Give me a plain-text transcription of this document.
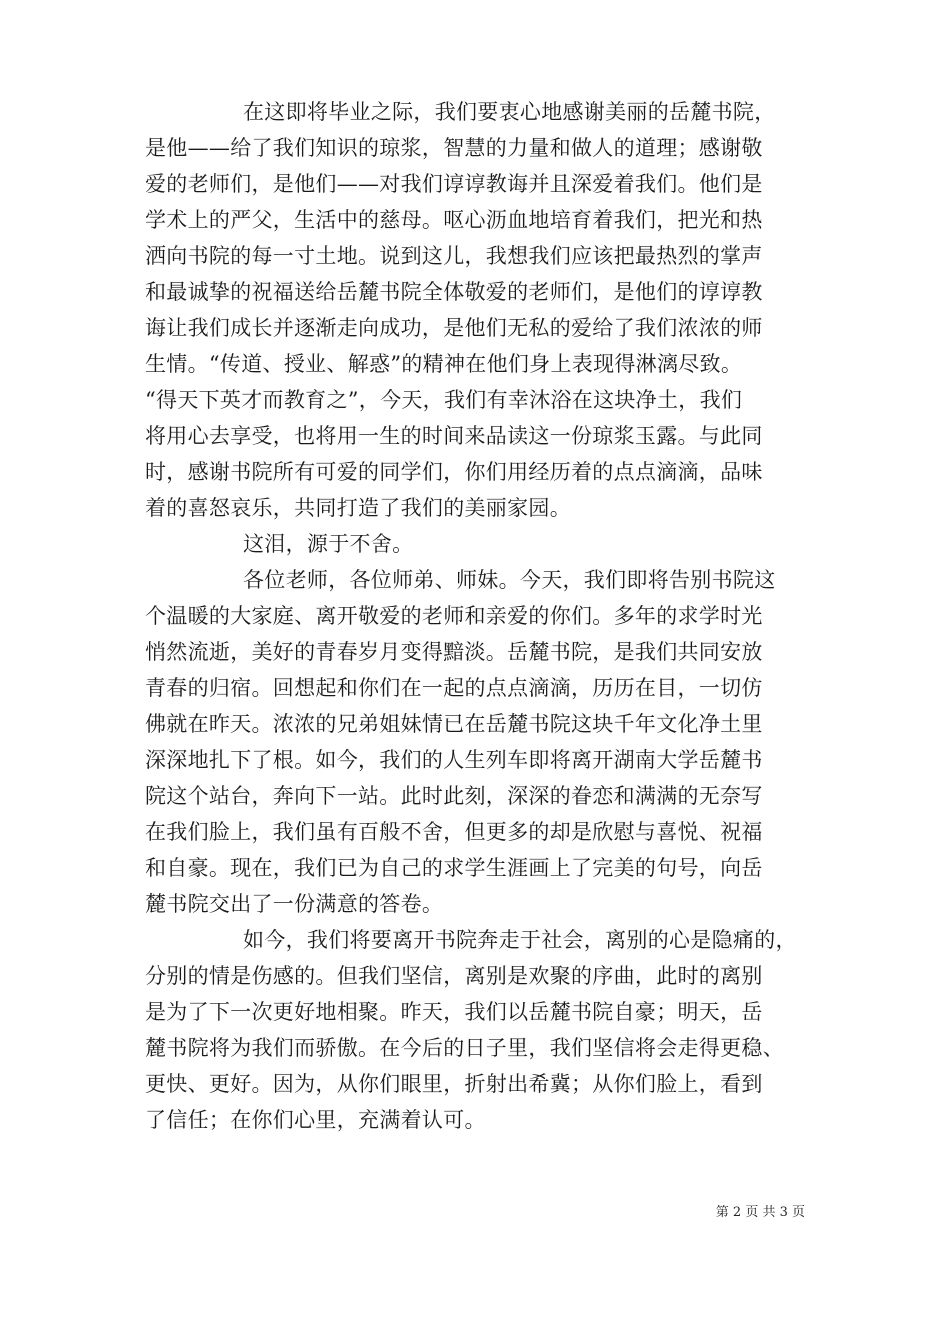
在这即将毕业之际，我们要衷心地感谢美丽的岳麓书院，
是他——给了我们知识的琼浆，智慧的力量和做人的道理；感谢敬
爱的老师们，是他们——对我们谆谆教诲并且深爱着我们。他们是
学术上的严父，生活中的慈母。呕心沥血地培育着我们，把光和热
洒向书院的每一寸土地。说到这儿，我想我们应该把最热烈的掌声
和最诚挚的祝福送给岳麓书院全体敬爱的老师们，是他们的谆谆教
诲让我们成长并逐渐走向成功，是他们无私的爱给了我们浓浓的师
生情。“传道、授业、解惑”的精神在他们身上表现得淋漓尽致。
“得天下英才而教育之”，今天，我们有幸沐浴在这块净土，我们
将用心去享受，也将用一生的时间来品读这一份琼浆玉露。与此同
时，感谢书院所有可爱的同学们，你们用经历着的点点滴滴，品味
着的喜怒哀乐，共同打造了我们的美丽家园。
这泪，源于不舍。
各位老师，各位师弟、师妹。今天，我们即将告别书院这
个温暖的大家庭、离开敬爱的老师和亲爱的你们。多年的求学时光
悄然流逝，美好的青春岁月变得黯淡。岳麓书院，是我们共同安放
青春的归宿。回想起和你们在一起的点点滴滴，历历在目，一切仿
佛就在昨天。浓浓的兄弟姐妹情已在岳麓书院这块千年文化净土里
深深地扎下了根。如今，我们的人生列车即将离开湖南大学岳麓书
院这个站台，奔向下一站。此时此刻，深深的眷恋和满满的无奈写
在我们脸上，我们虽有百般不舍，但更多的却是欣慰与喜悦、祝福
和自豪。现在，我们已为自己的求学生涯画上了完美的句号，向岳
麓书院交出了一份满意的答卷。
如今，我们将要离开书院奔走于社会，离别的心是隐痛的，
分别的情是伤感的。但我们坚信，离别是欢聚的序曲，此时的离别
是为了下一次更好地相聚。昨天，我们以岳麓书院自豪；明天，岳
麓书院将为我们而骄傲。在今后的日子里，我们坚信将会走得更稳、
更快、更好。因为，从你们眼里，折射出希冀；从你们脸上，看到
了信任；在你们心里，充满着认可。
第 2 页 共 3 页
